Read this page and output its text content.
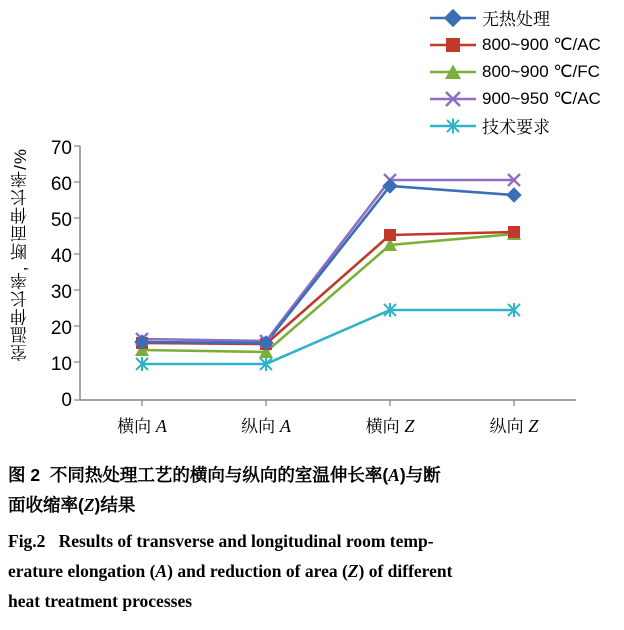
无热处理
800~900 ℃/AC
800~900 ℃/FC
900~950 ℃/AC
技术要求
室温伸长率, 断面伸长率/% 70
60
50
40
30
20
10
0
横向 A	纵向 A	横向 Z	纵向 Z
图 2 不同热处理工艺的横向与纵向的室温伸长率(A)与断
面收缩率(Z)结果
Fig.2 Results of transverse and longitudinal room temp-
erature elongation (A) and reduction of area (Z) of different
heat treatment processes
